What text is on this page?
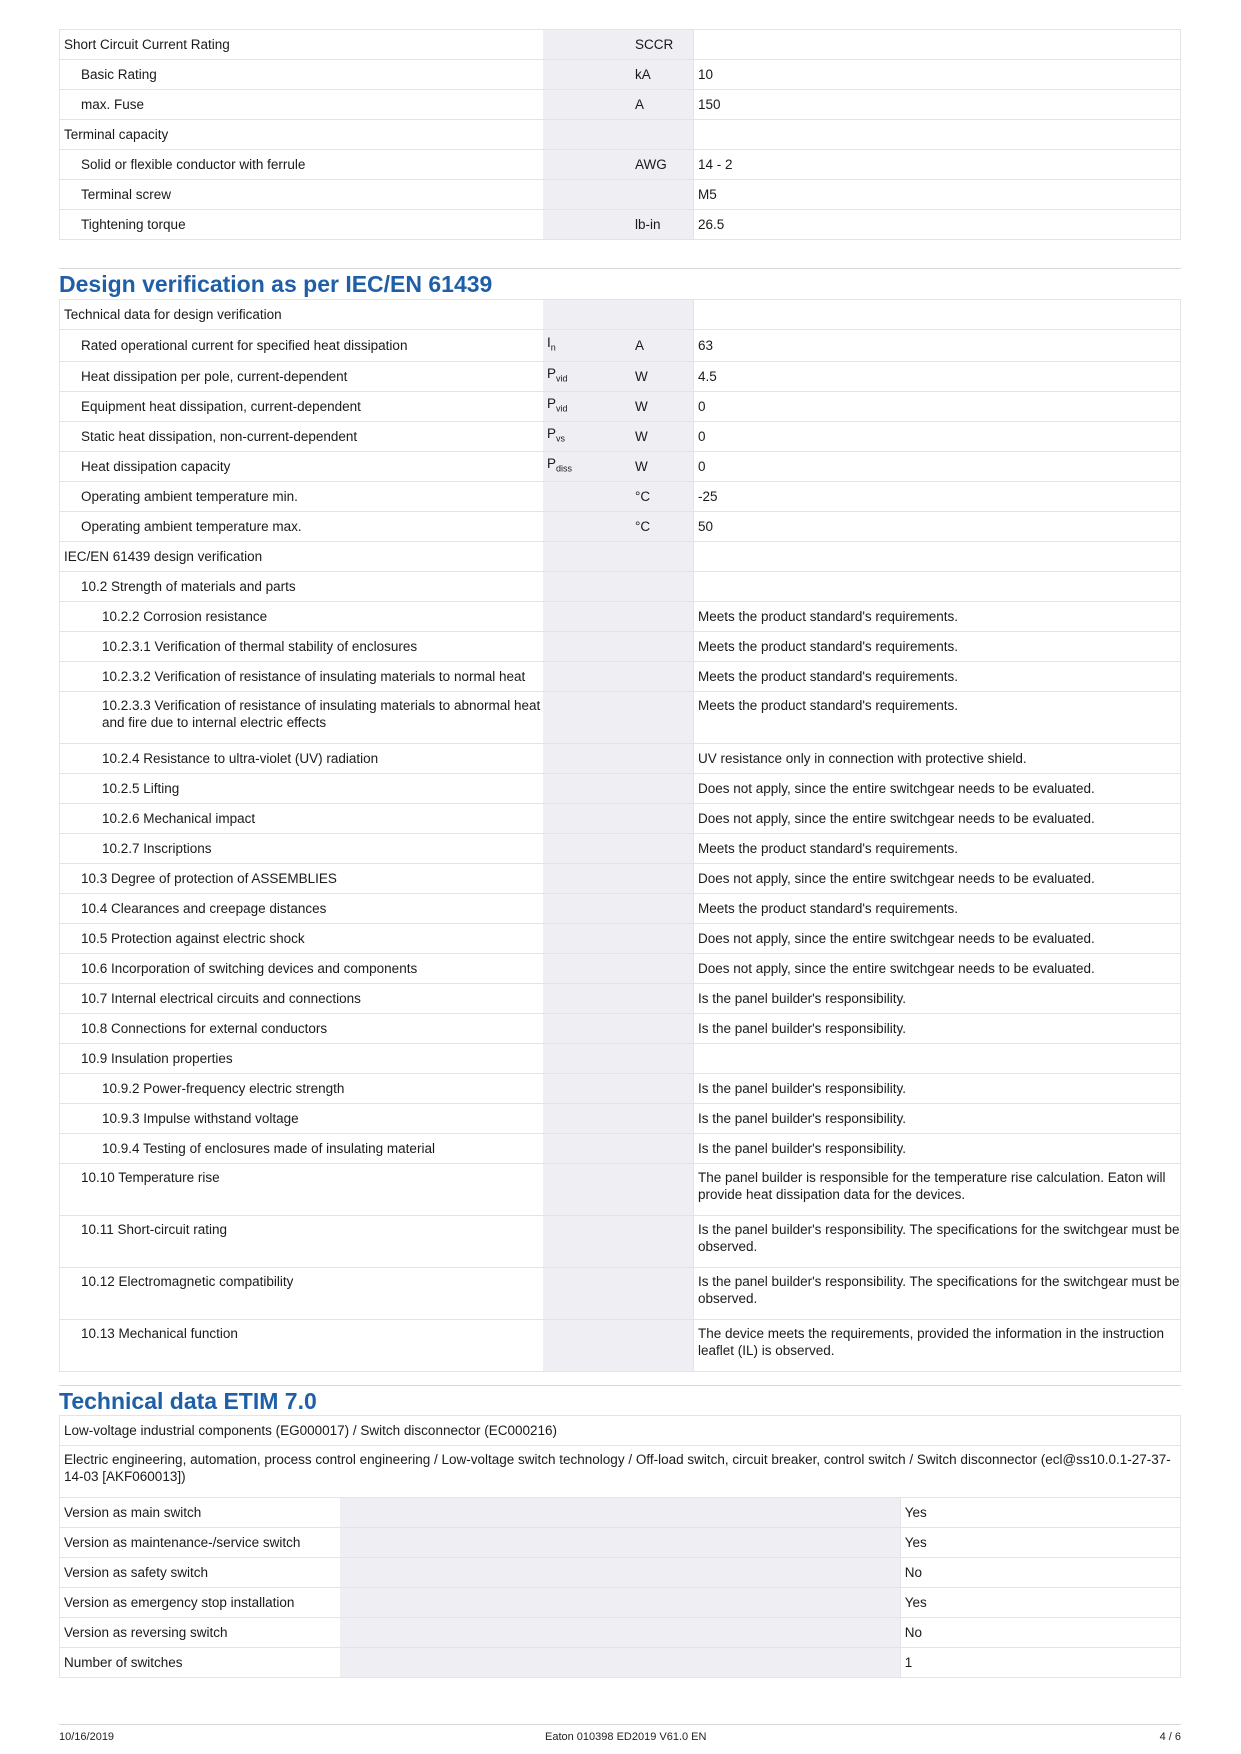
Short Circuit Current Rating		SCCR	
Basic Rating		kA	10
max. Fuse		A	150
Terminal capacity			
Solid or flexible conductor with ferrule		AWG	14 - 2
Terminal screw			M5
Tightening torque		lb-in	26.5
Design verification as per IEC/EN 61439
Technical data for design verification			
Rated operational current for specified heat dissipation	$I_n$	A	63
Heat dissipation per pole, current-dependent	$P_{vid}$	W	4.5
Equipment heat dissipation, current-dependent	$P_{vid}$	W	0
Static heat dissipation, non-current-dependent	$P_{vs}$	W	0
Heat dissipation capacity	$P_{diss}$	W	0
Operating ambient temperature min.		°C	-25
Operating ambient temperature max.		°C	50
IEC/EN 61439 design verification			
10.2 Strength of materials and parts			
10.2.2 Corrosion resistance			Meets the product standard's requirements.
10.2.3.1 Verification of thermal stability of enclosures			Meets the product standard's requirements.
10.2.3.2 Verification of resistance of insulating materials to normal heat			Meets the product standard's requirements.
10.2.3.3 Verification of resistance of insulating materials to abnormal heat and fire due to internal electric effects			Meets the product standard's requirements.
10.2.4 Resistance to ultra-violet (UV) radiation			UV resistance only in connection with protective shield.
10.2.5 Lifting			Does not apply, since the entire switchgear needs to be evaluated.
10.2.6 Mechanical impact			Does not apply, since the entire switchgear needs to be evaluated.
10.2.7 Inscriptions			Meets the product standard's requirements.
10.3 Degree of protection of ASSEMBLIES			Does not apply, since the entire switchgear needs to be evaluated.
10.4 Clearances and creepage distances			Meets the product standard's requirements.
10.5 Protection against electric shock			Does not apply, since the entire switchgear needs to be evaluated.
10.6 Incorporation of switching devices and components			Does not apply, since the entire switchgear needs to be evaluated.
10.7 Internal electrical circuits and connections			Is the panel builder's responsibility.
10.8 Connections for external conductors			Is the panel builder's responsibility.
10.9 Insulation properties			
10.9.2 Power-frequency electric strength			Is the panel builder's responsibility.
10.9.3 Impulse withstand voltage			Is the panel builder's responsibility.
10.9.4 Testing of enclosures made of insulating material			Is the panel builder's responsibility.
10.10 Temperature rise			The panel builder is responsible for the temperature rise calculation. Eaton will provide heat dissipation data for the devices.
10.11 Short-circuit rating			Is the panel builder's responsibility. The specifications for the switchgear must be observed.
10.12 Electromagnetic compatibility			Is the panel builder's responsibility. The specifications for the switchgear must be observed.
10.13 Mechanical function			The device meets the requirements, provided the information in the instruction leaflet (IL) is observed.
Technical data ETIM 7.0
Low-voltage industrial components (EG000017) / Switch disconnector (EC000216)			
Electric engineering, automation, process control engineering / Low-voltage switch technology / Off-load switch, circuit breaker, control switch / Switch disconnector (ecl@ss10.0.1-27-37-14-03 [AKF060013])			
Version as main switch			Yes
Version as maintenance-/service switch			Yes
Version as safety switch			No
Version as emergency stop installation			Yes
Version as reversing switch			No
Number of switches			1
10/16/2019	Eaton 010398 ED2019 V61.0 EN	4 / 6
